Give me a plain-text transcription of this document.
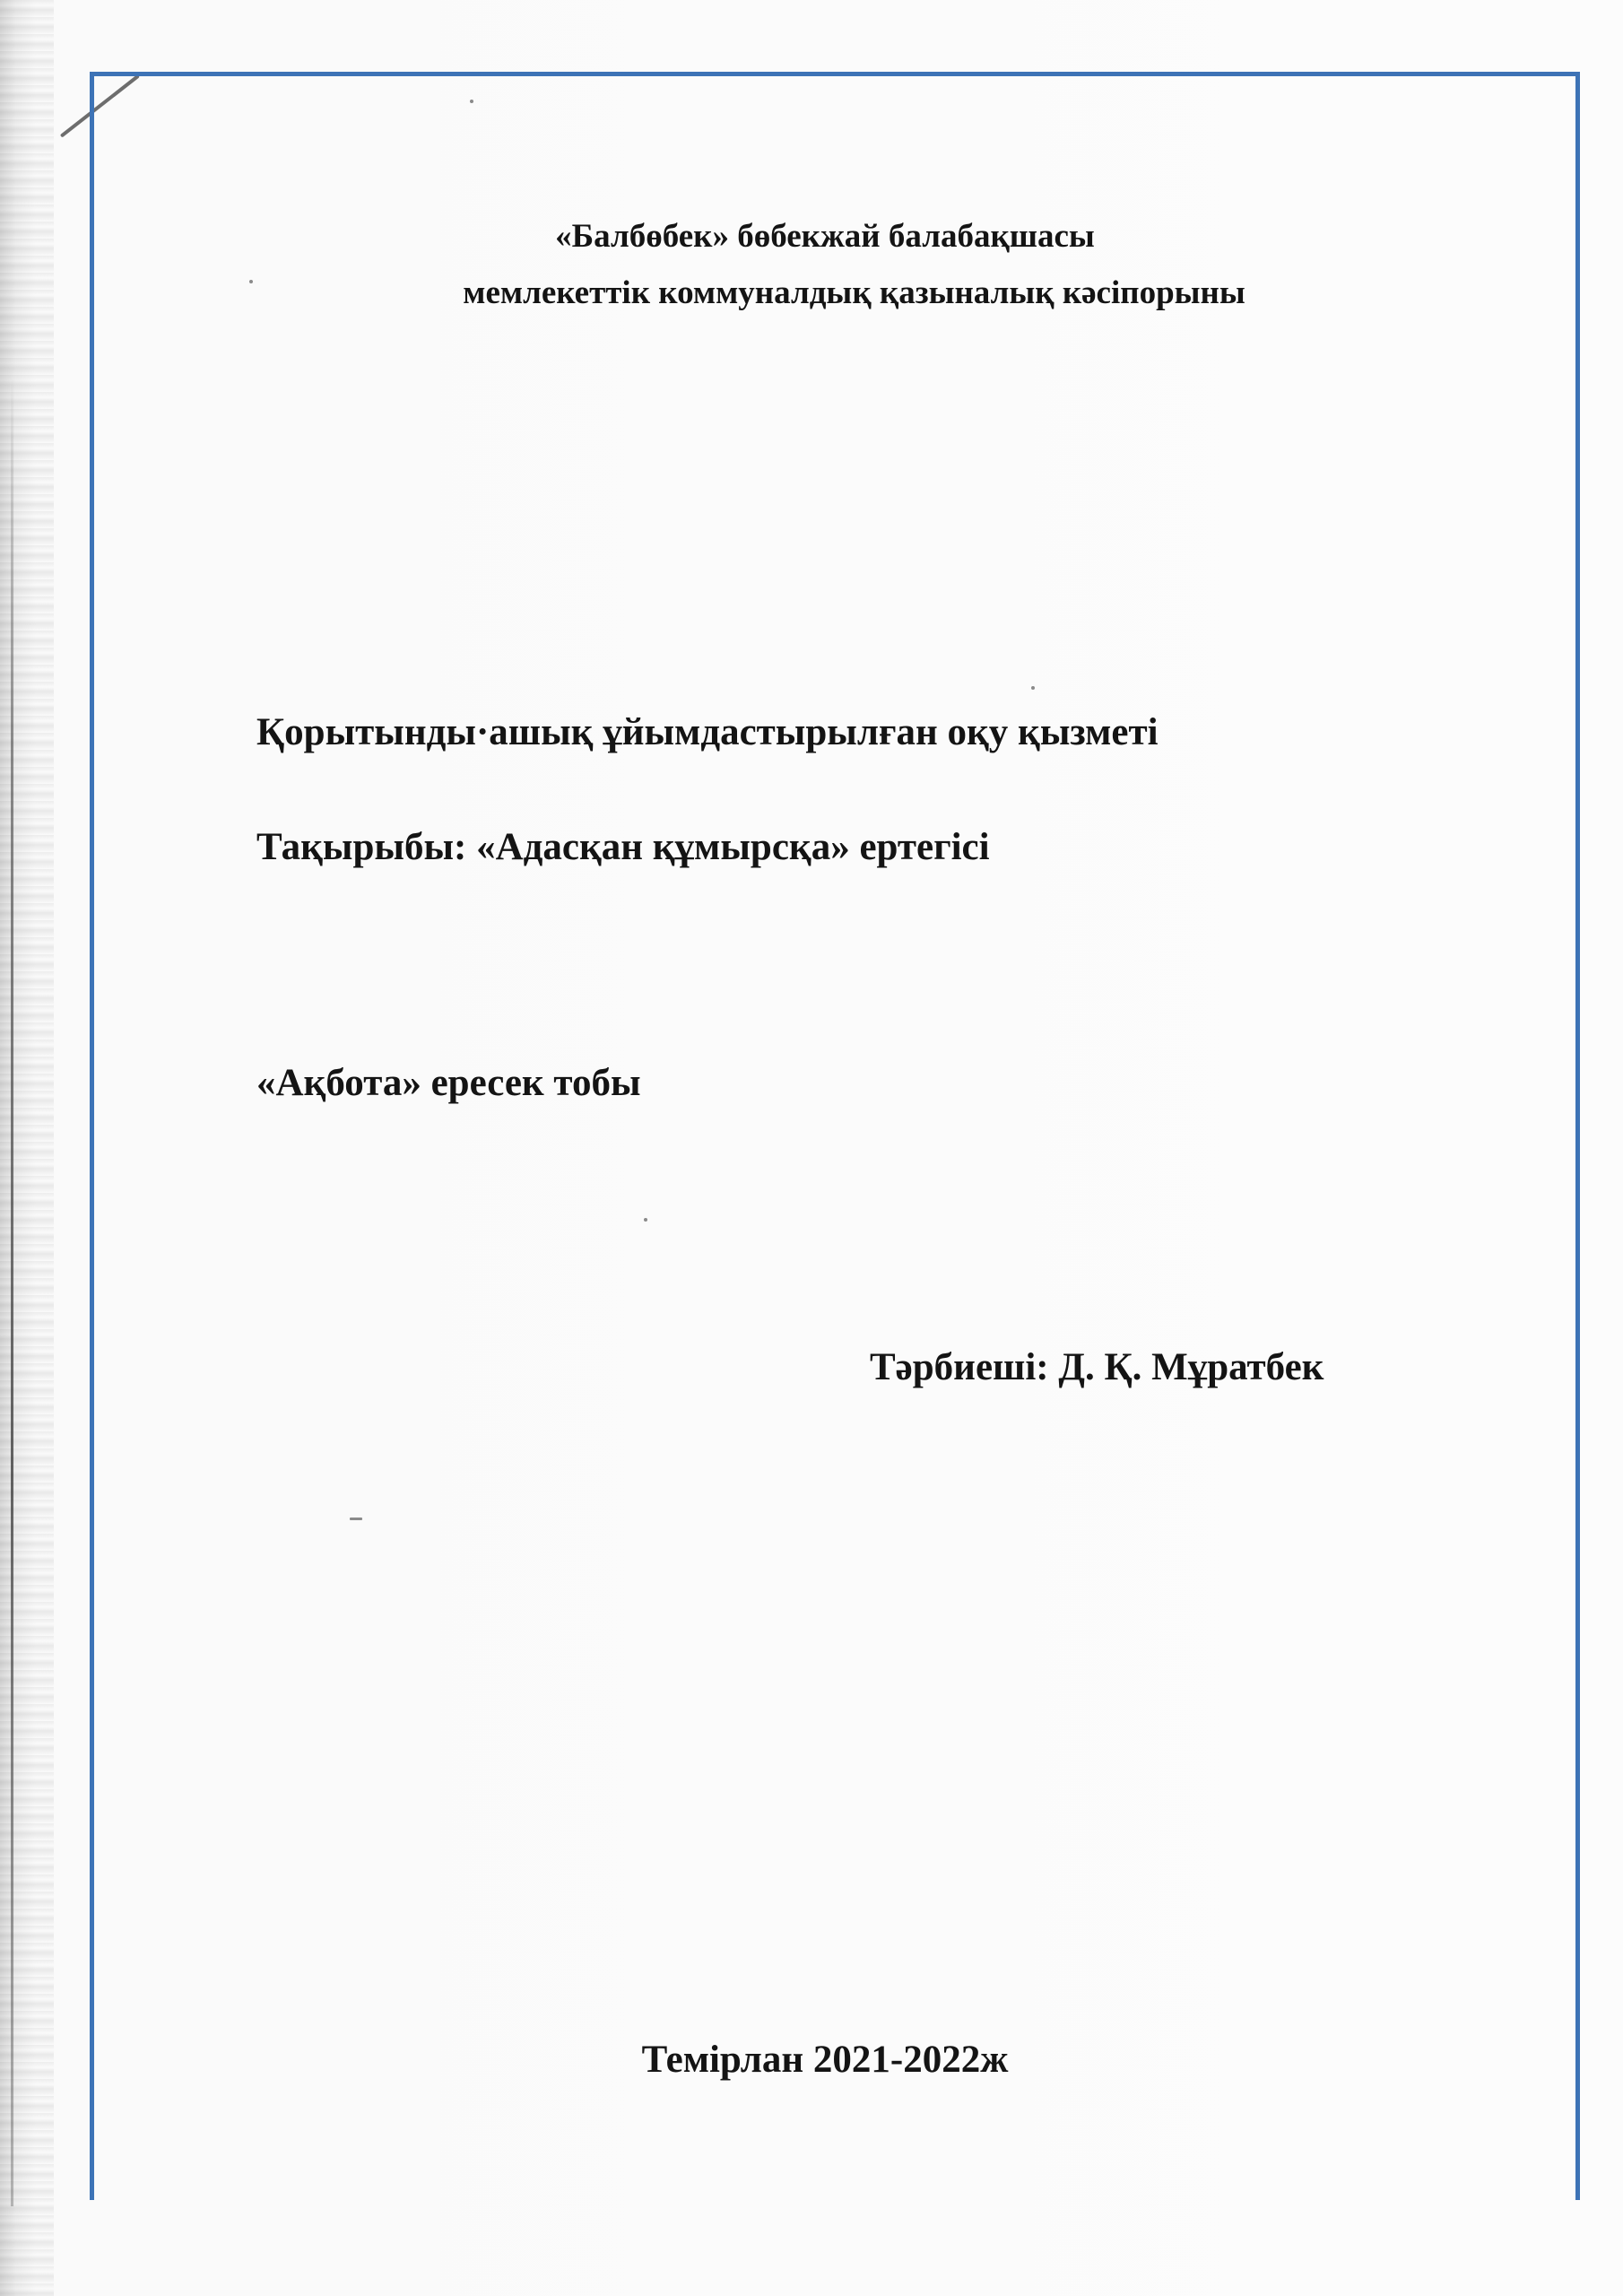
«Балбөбек» бөбекжай балабақшасы
мемлекеттік коммуналдық қазыналық кәсіпорыны
Қорытынды·ашық ұйымдастырылған оқу қызметі
Тақырыбы: «Адасқан құмырсқа» ертегісі
«Ақбота» ересек тобы
Тәрбиеші: Д. Қ. Мұратбек
Темірлан 2021-2022ж
